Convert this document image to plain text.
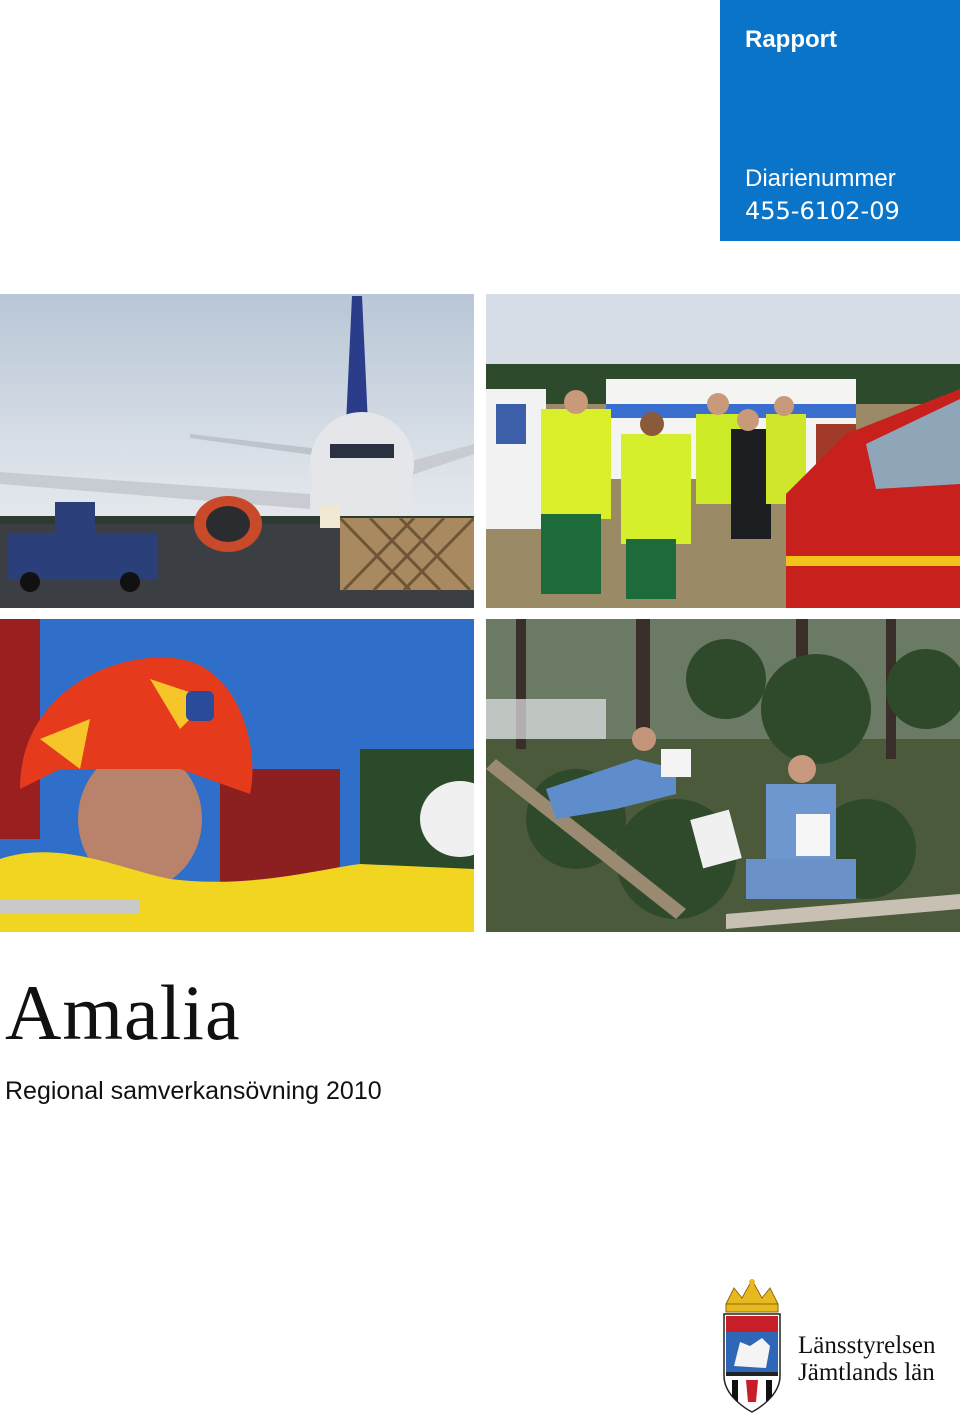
Rapport
Diarienummer
455-6102-09
Amalia
Regional samverkansövning 2010
Länsstyrelsen
Jämtlands län
